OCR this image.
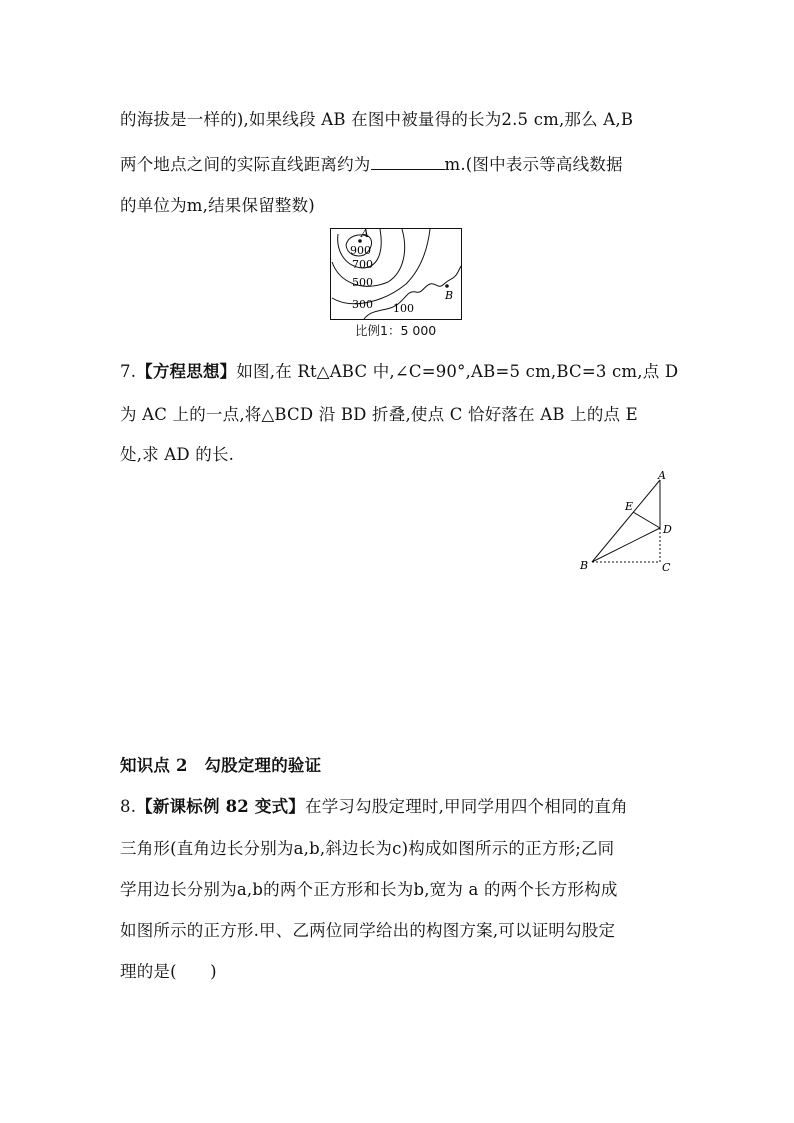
的海拔是一样的),如果线段 AB 在图中被量得的长为2.5 cm,那么 A,B
两个地点之间的实际直线距离约为	m.(图中表示等高线数据
的单位为m,结果保留整数)
A
900
700
500
300 100
B
比例1：5 000
7.【方程思想】如图,在 Rt△ABC 中,∠C=90°,AB=5 cm,BC=3 cm,点 D
为 AC 上的一点,将△BCD 沿 BD 折叠,使点 C 恰好落在 AB 上的点 E
处,求 AD 的长.
A
E
D
B	C
知识点 2　勾股定理的验证
8.【新课标例 82 变式】在学习勾股定理时,甲同学用四个相同的直角
三角形(直角边长分别为a,b,斜边长为c)构成如图所示的正方形;乙同
学用边长分别为a,b的两个正方形和长为b,宽为 a 的两个长方形构成
如图所示的正方形.甲、乙两位同学给出的构图方案,可以证明勾股定
理的是(　　)
